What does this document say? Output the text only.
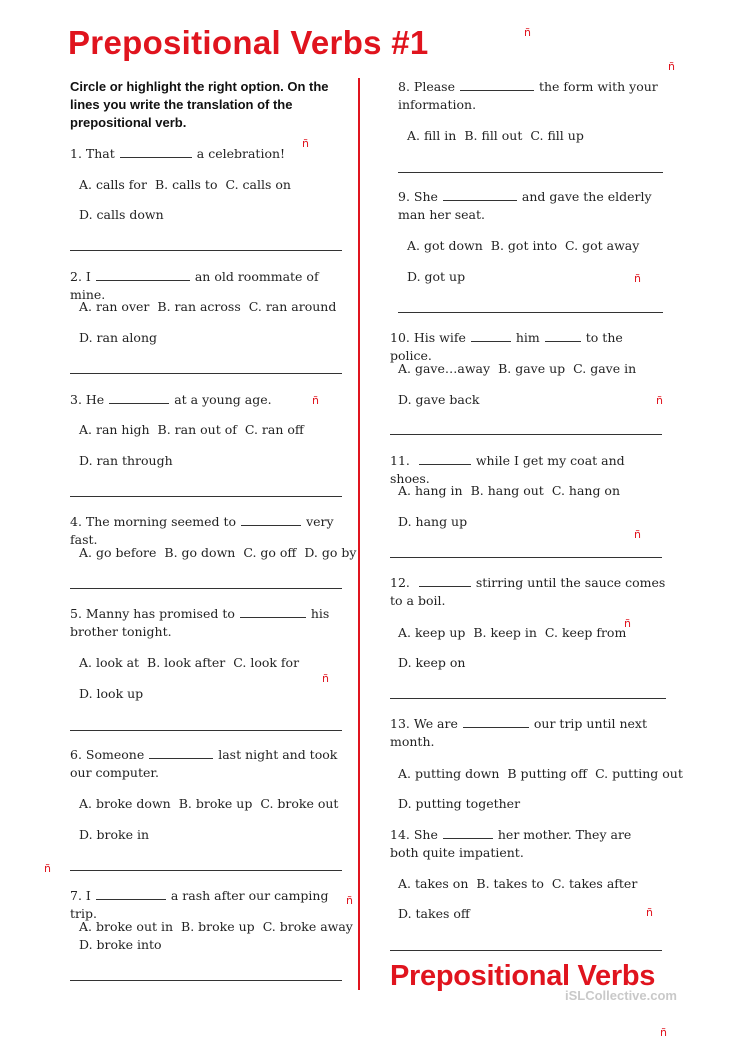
Prepositional Verbs #1
Circle or highlight the right option. On the lines you write the translation of the prepositional verb.
1. That	a celebration!
A. calls for B. calls to C. calls on
D. calls down
2. I	an old roommate of mine.
A. ran over B. ran across C. ran around
D. ran along
3. He	at a young age.
A. ran high B. ran out of C. ran off
D. ran through
4. The morning seemed to	very fast.
A. go before B. go down C. go off D. go by
5. Manny has promised to	his brother tonight.
A. look at B. look after C. look for
D. look up
6. Someone	last night and took our computer.
A. broke down B. broke up C. broke out
D. broke in
7. I	a rash after our camping trip.
A. broke out in B. broke up C. broke away
D. broke into
8. Please	the form with your information.
A. fill in B. fill out C. fill up
9. She	and gave the elderly man her seat.
A. got down B. got into C. got away
D. got up
10. His wife	him	to the police.
A. gave…away B. gave up C. gave in
D. gave back
11.	while I get my coat and shoes.
A. hang in B. hang out C. hang on
D. hang up
12.	stirring until the sauce comes to a boil.
A. keep up B. keep in C. keep from
D. keep on
13. We are	our trip until next month.
A. putting down B putting off C. putting out
D. putting together
14. She	her mother. They are both quite impatient.
A. takes on B. takes to C. takes after
D. takes off
ñ
ñ
ñ
ñ	ñ
ñ
ñ
ñ
ñ
ñ
ñ
ñ
ñ
Prepositional Verbs
iSLCollective.com
